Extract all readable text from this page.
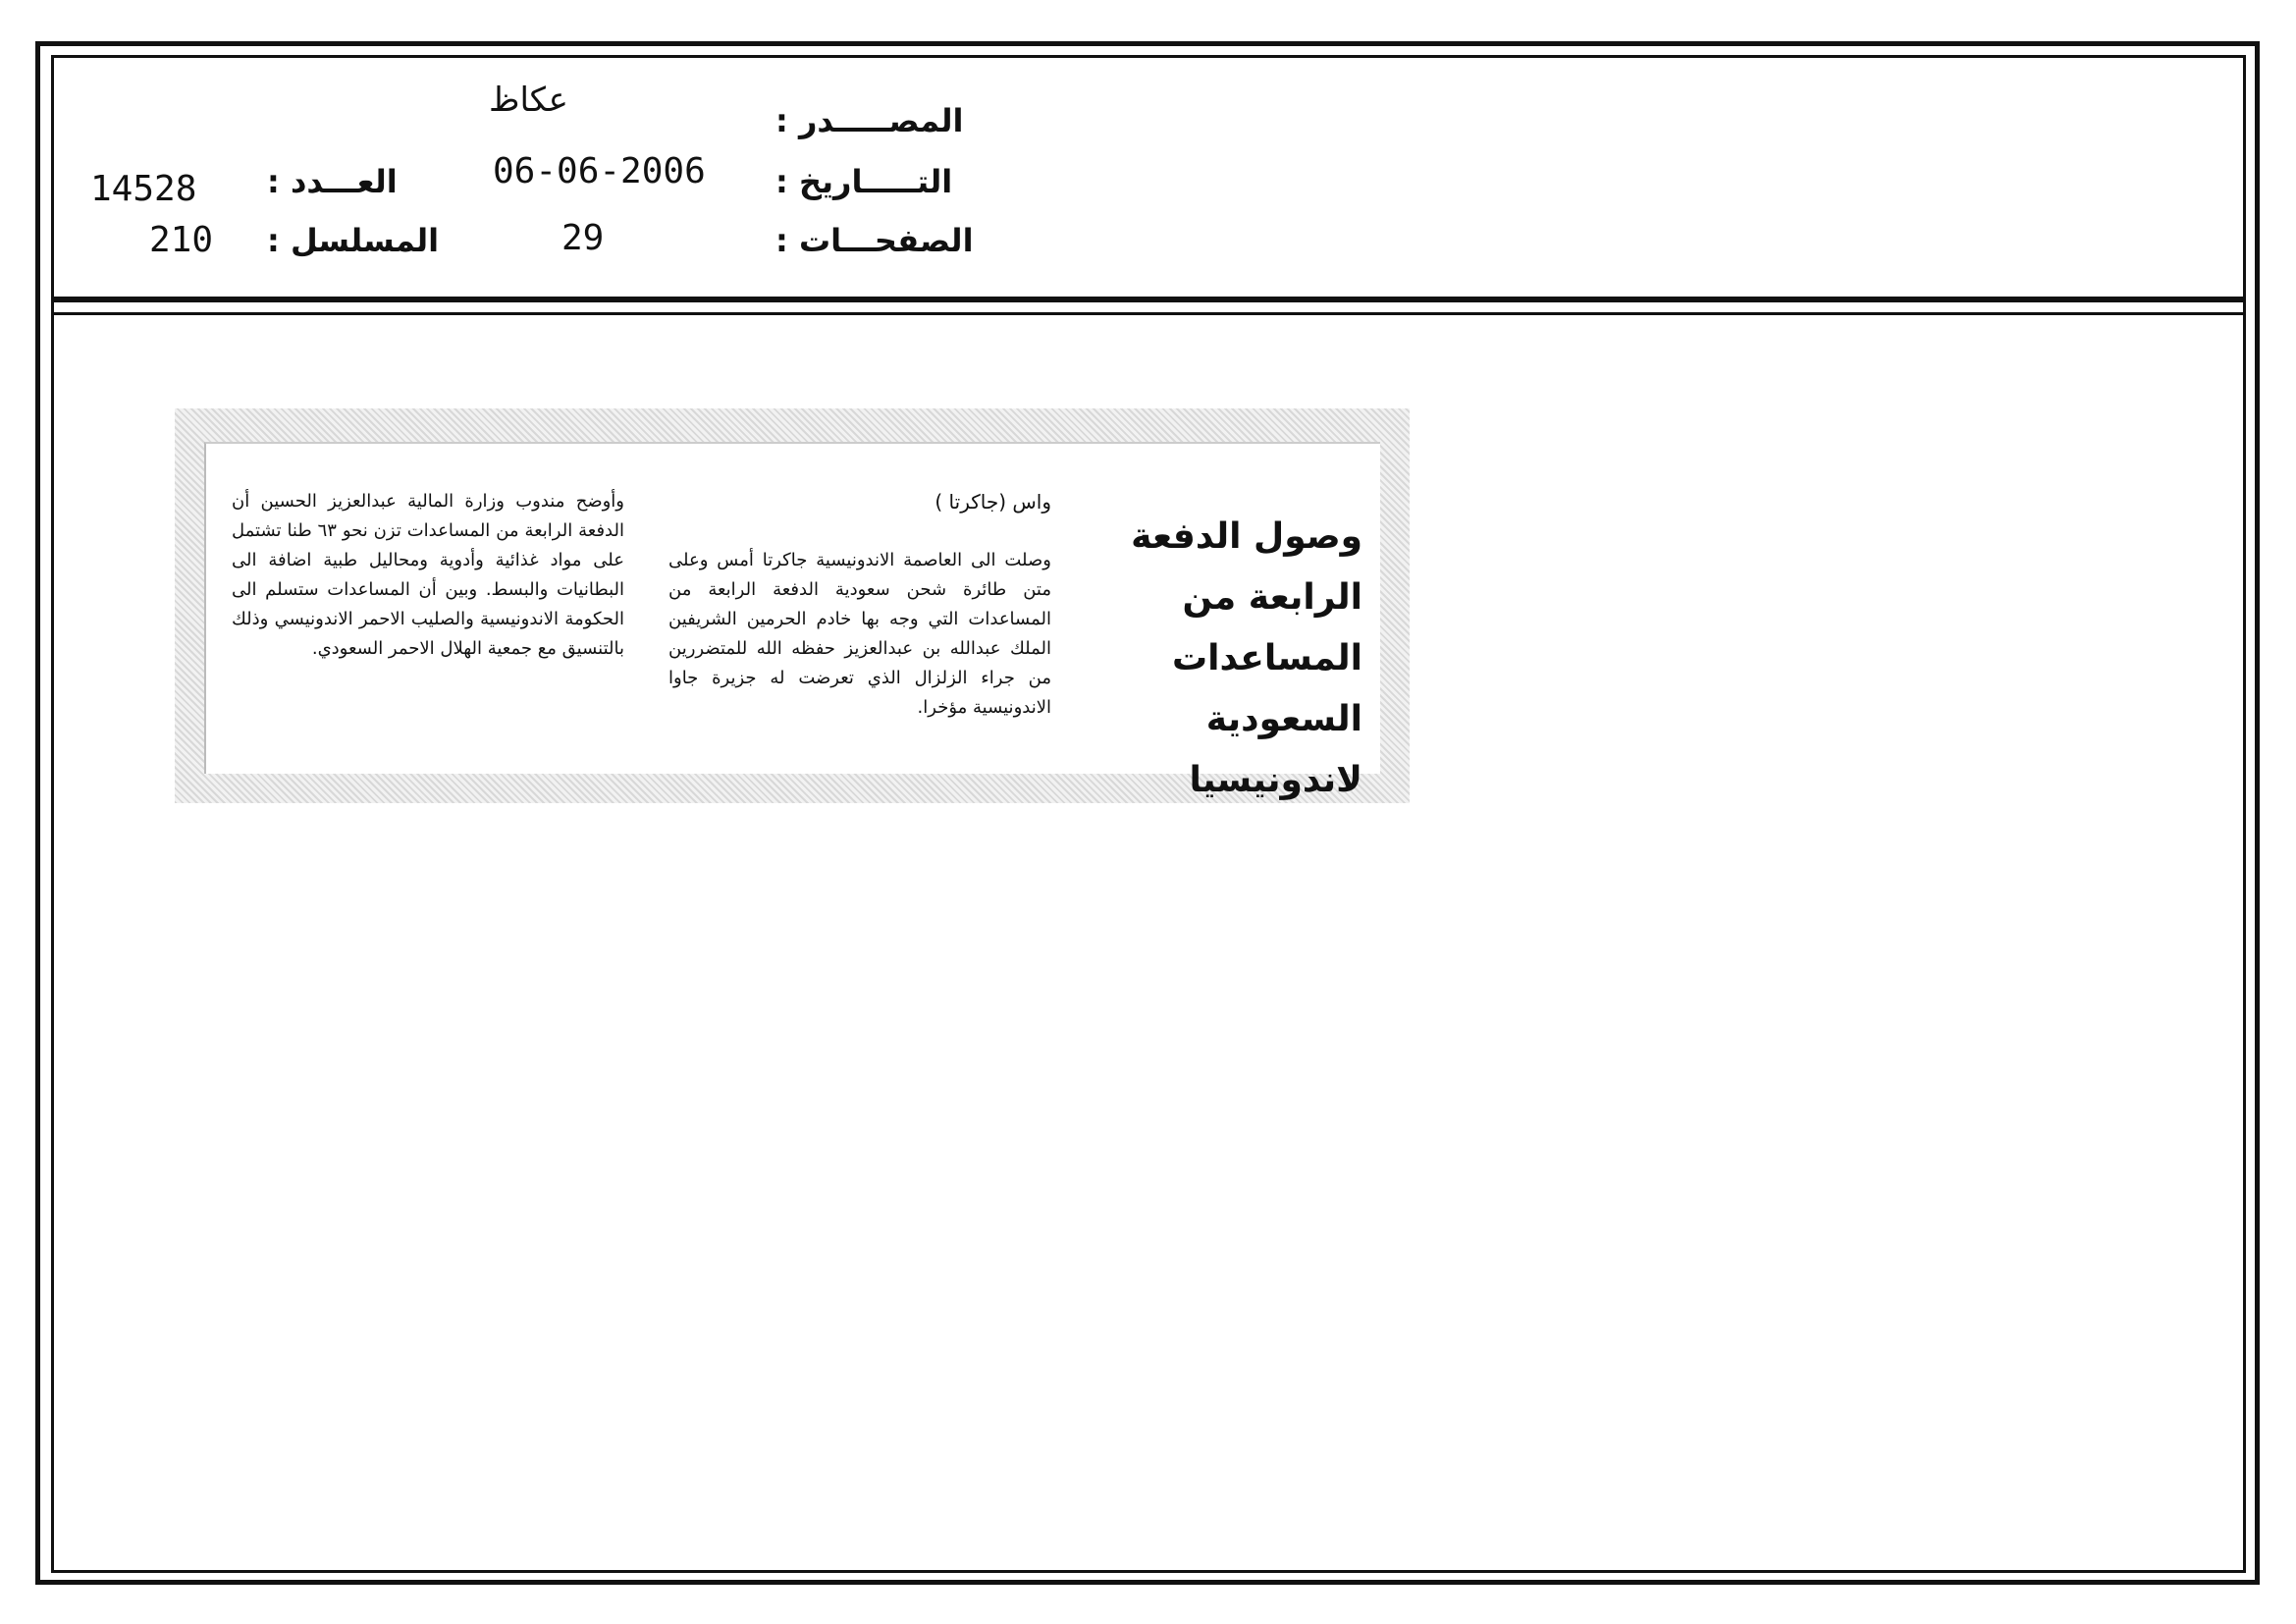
المصـــــدر :
عكاظ
التـــــاريخ :
06-06-2006
الصفحـــات :
29
العـــدد :
14528
المسلسل :
210
وصول الدفعة الرابعة من المساعدات السعودية لاندونيسيا
واس (جاكرتا )
وصلت الى العاصمة الاندونيسية جاكرتا أمس وعلى متن طائرة شحن سعودية الدفعة الرابعة من المساعدات التي وجه بها خادم الحرمين الشريفين الملك عبدالله بن عبدالعزيز حفظه الله للمتضررين من جراء الزلزال الذي تعرضت له جزيرة جاوا الاندونيسية مؤخرا.
وأوضح مندوب وزارة المالية عبدالعزيز الحسين أن الدفعة الرابعة من المساعدات تزن نحو ٦٣ طنا تشتمل على مواد غذائية وأدوية ومحاليل طبية اضافة الى البطانيات والبسط. وبين أن المساعدات ستسلم الى الحكومة الاندونيسية والصليب الاحمر الاندونيسي وذلك بالتنسيق مع جمعية الهلال الاحمر السعودي.
